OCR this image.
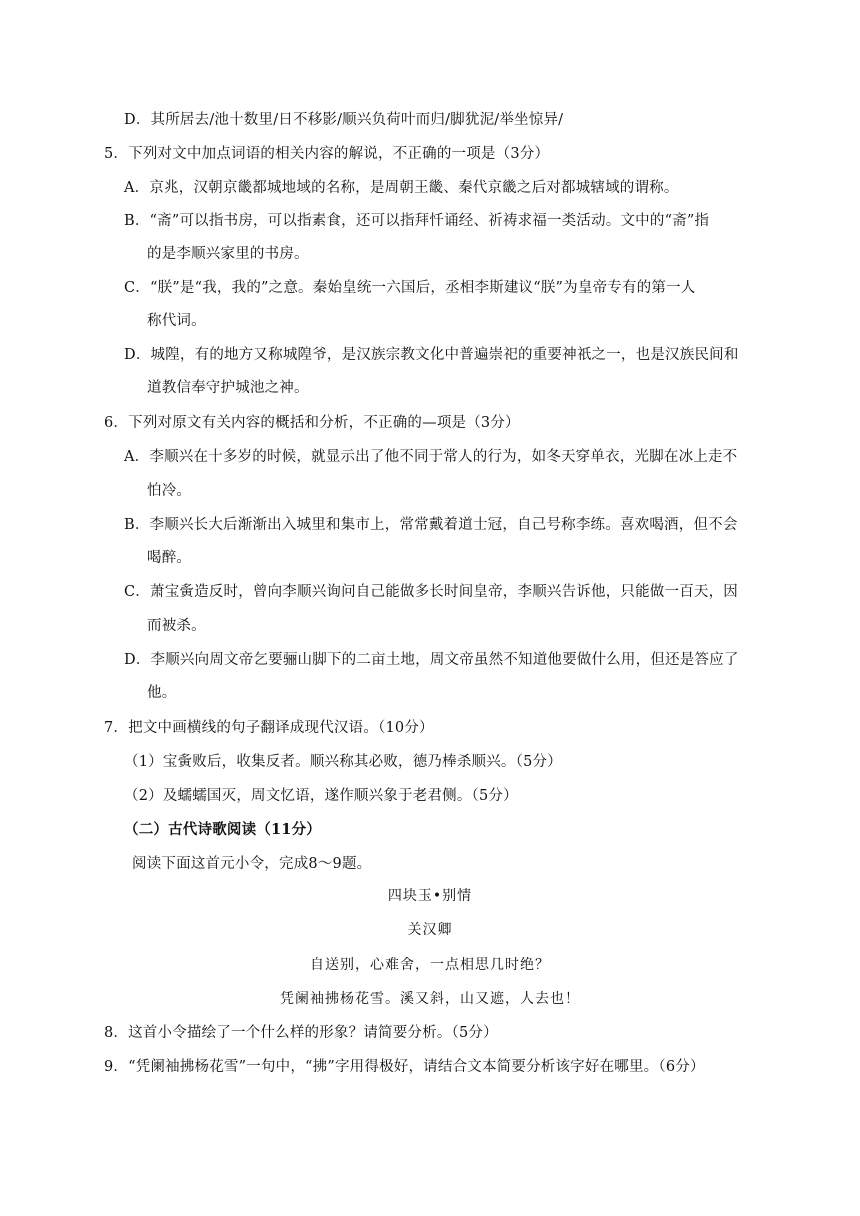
D．其所居去/池十数里/日不移影/顺兴负荷叶而归/脚犹泥/举坐惊异/
5．下列对文中加点词语的相关内容的解说，不正确的一项是（3分）
A．京兆，汉朝京畿都城地域的名称，是周朝王畿、秦代京畿之后对都城辖域的谓称。
B．“斋”可以指书房，可以指素食，还可以指拜忏诵经、祈祷求福一类活动。文中的“斋”指
的是李顺兴家里的书房。
C．“朕”是“我，我的”之意。秦始皇统一六国后，丞相李斯建议“朕”为皇帝专有的第一人
称代词。
D．城隍，有的地方又称城隍爷，是汉族宗教文化中普遍崇祀的重要神祇之一，也是汉族民间和
道教信奉守护城池之神。
6．下列对原文有关内容的概括和分析，不正确的—项是（3分）
A．李顺兴在十多岁的时候，就显示出了他不同于常人的行为，如冬天穿单衣，光脚在冰上走不
怕冷。
B．李顺兴长大后渐渐出入城里和集市上，常常戴着道士冠，自己号称李练。喜欢喝酒，但不会
喝醉。
C．萧宝夤造反时，曾向李顺兴询问自己能做多长时间皇帝，李顺兴告诉他，只能做一百天，因
而被杀。
D．李顺兴向周文帝乞要骊山脚下的二亩土地，周文帝虽然不知道他要做什么用，但还是答应了
他。
7．把文中画横线的句子翻译成现代汉语。（10分）
（1）宝夤败后，收集反者。顺兴称其必败，德乃棒杀顺兴。（5分）
（2）及蠕蠕国灭，周文忆语，遂作顺兴象于老君侧。（5分）
（二）古代诗歌阅读（11分）
阅读下面这首元小令，完成8～9题。
四块玉•别情
关汉卿
自送别，心难舍，一点相思几时绝？
凭阑袖拂杨花雪。溪又斜，山又遮，人去也！
8．这首小令描绘了一个什么样的形象？请简要分析。（5分）
9．“凭阑袖拂杨花雪”一句中，“拂”字用得极好，请结合文本简要分析该字好在哪里。（6分）
